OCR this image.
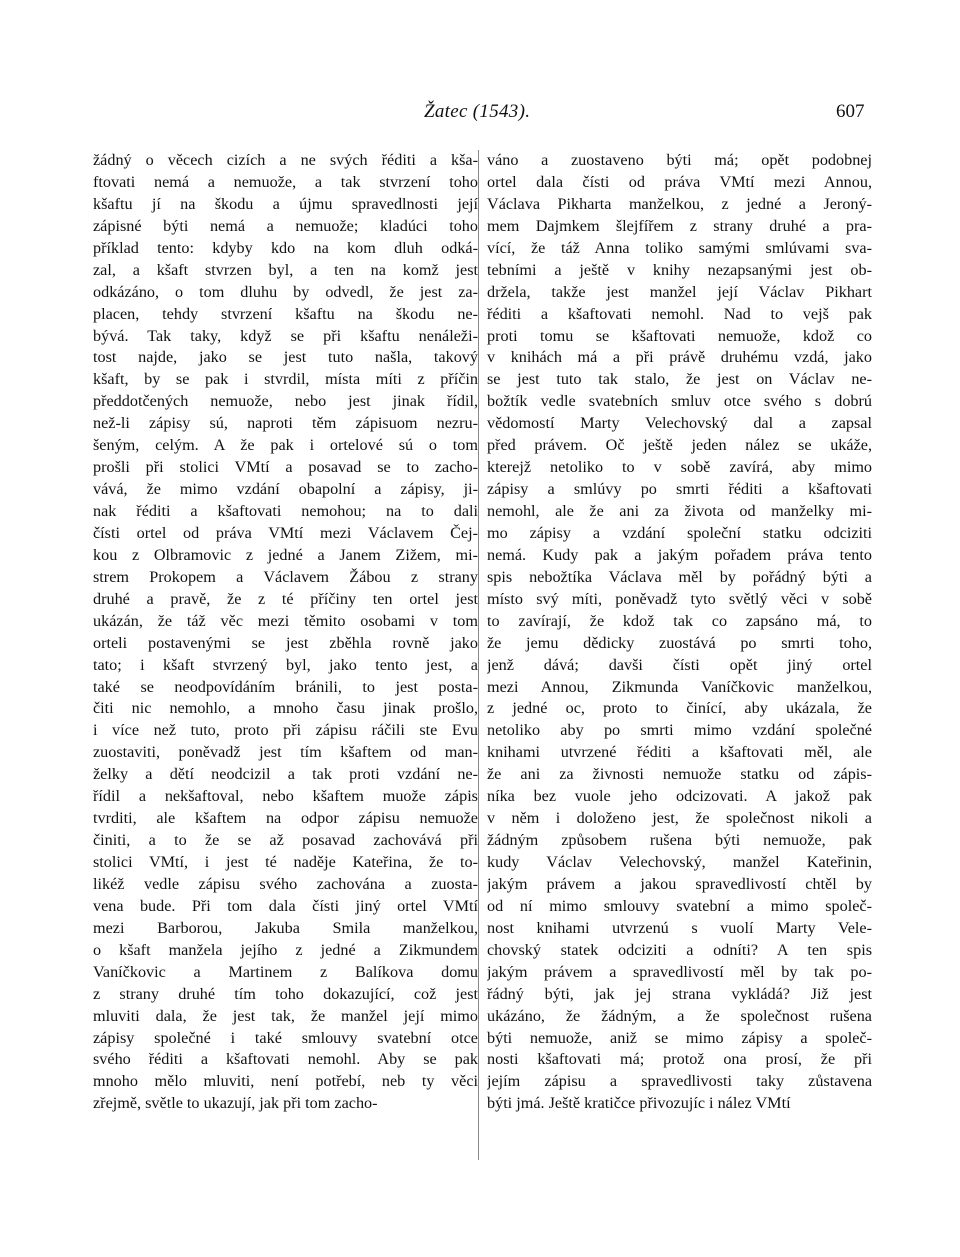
Žatec (1543).	607
žádný o věcech cizích a ne svých řéditi a kša-
ftovati nemá a nemuože, a tak stvrzení toho
kšaftu jí na škodu a újmu spravedlnosti její
zápisné býti nemá a nemuože; kladúci toho
příklad tento: kdyby kdo na kom dluh odká-
zal, a kšaft stvrzen byl, a ten na komž jest
odkázáno, o tom dluhu by odvedl, že jest za-
placen, tehdy stvrzení kšaftu na škodu ne-
bývá. Tak taky, když se při kšaftu nenáleži-
tost najde, jako se jest tuto našla, takový
kšaft, by se pak i stvrdil, místa míti z příčin
předdotčených nemuože, nebo jest jinak řídil,
než-li zápisy sú, naproti těm zápisuom nezru-
šeným, celým. A že pak i ortelové sú o tom
prošli při stolici VMtí a posavad se to zacho-
vává, že mimo vzdání obapolní a zápisy, ji-
nak řéditi a kšaftovati nemohou; na to dali
čísti ortel od práva VMtí mezi Václavem Čej-
kou z Olbramovic z jedné a Janem Zižem, mi-
strem Prokopem a Václavem Žábou z strany
druhé a pravě, že z té příčiny ten ortel jest
ukázán, že táž věc mezi těmito osobami v tom
orteli postavenými se jest zběhla rovně jako
tato; i kšaft stvrzený byl, jako tento jest, a
také se neodpovídáním bránili, to jest posta-
čiti nic nemohlo, a mnoho času jinak prošlo,
i více než tuto, proto při zápisu ráčili ste Evu
zuostaviti, poněvadž jest tím kšaftem od man-
želky a dětí neodcizil a tak proti vzdání ne-
řídil a nekšaftoval, nebo kšaftem muože zápis
tvrditi, ale kšaftem na odpor zápisu nemuože
činiti, a to že se až posavad zachovává při
stolici VMtí, i jest té naděje Kateřina, že to-
likéž vedle zápisu svého zachována a zuosta-
vena bude. Při tom dala čísti jiný ortel VMtí
mezi Barborou, Jakuba Smila manželkou,
o kšaft manžela jejího z jedné a Zikmundem
Vaníčkovic a Martinem z Balíkova domu
z strany druhé tím toho dokazující, což jest
mluviti dala, že jest tak, že manžel její mimo
zápisy společné i také smlouvy svatební otce
svého řéditi a kšaftovati nemohl. Aby se pak
mnoho mělo mluviti, není potřebí, neb ty věci
zřejmě, světle to ukazují, jak při tom zacho-
váno a zuostaveno býti má; opět podobnej
ortel dala čísti od práva VMtí mezi Annou,
Václava Pikharta manželkou, z jedné a Jeroný-
mem Dajmkem šlejfířem z strany druhé a pra-
vící, že táž Anna toliko samými smlúvami sva-
tebními a ještě v knihy nezapsanými jest ob-
držela, takže jest manžel její Václav Pikhart
řéditi a kšaftovati nemohl. Nad to vejš pak
proti tomu se kšaftovati nemuože, kdož co
v knihách má a při právě druhému vzdá, jako
se jest tuto tak stalo, že jest on Václav ne-
božtík vedle svatebních smluv otce svého s dobrú
vědomostí Marty Velechovský dal a zapsal
před právem. Oč ještě jeden nález se ukáže,
kterejž netoliko to v sobě zavírá, aby mimo
zápisy a smlúvy po smrti řéditi a kšaftovati
nemohl, ale že ani za života od manželky mi-
mo zápisy a vzdání společní statku odciziti
nemá. Kudy pak a jakým pořadem práva tento
spis nebožtíka Václava měl by pořádný býti a
místo svý míti, poněvadž tyto světlý věci v sobě
to zavírají, že kdož tak co zapsáno má, to
že jemu dědicky zuostává po smrti toho,
jenž dává; davši čísti opět jiný ortel
mezi Annou, Zikmunda Vaníčkovic manželkou,
z jedné oc, proto to činící, aby ukázala, že
netoliko aby po smrti mimo vzdání společné
knihami utvrzené řéditi a kšaftovati měl, ale
že ani za živnosti nemuože statku od zápis-
níka bez vuole jeho odcizovati. A jakož pak
v něm i doloženo jest, že společnost nikoli a
žádným způsobem rušena býti nemuože, pak
kudy Václav Velechovský, manžel Kateřinin,
jakým právem a jakou spravedlivostí chtěl by
od ní mimo smlouvy svatební a mimo společ-
nost knihami utvrzenú s vuolí Marty Vele-
chovský statek odciziti a odníti? A ten spis
jakým právem a spravedlivostí měl by tak po-
řádný býti, jak jej strana vykládá? Již jest
ukázáno, že žádným, a že společnost rušena
býti nemuože, aniž se mimo zápisy a společ-
nosti kšaftovati má; protož ona prosí, že při
jejím zápisu a spravedlivosti taky zůstavena
býti jmá. Ještě kratičce přivozujíc i nález VMtí
